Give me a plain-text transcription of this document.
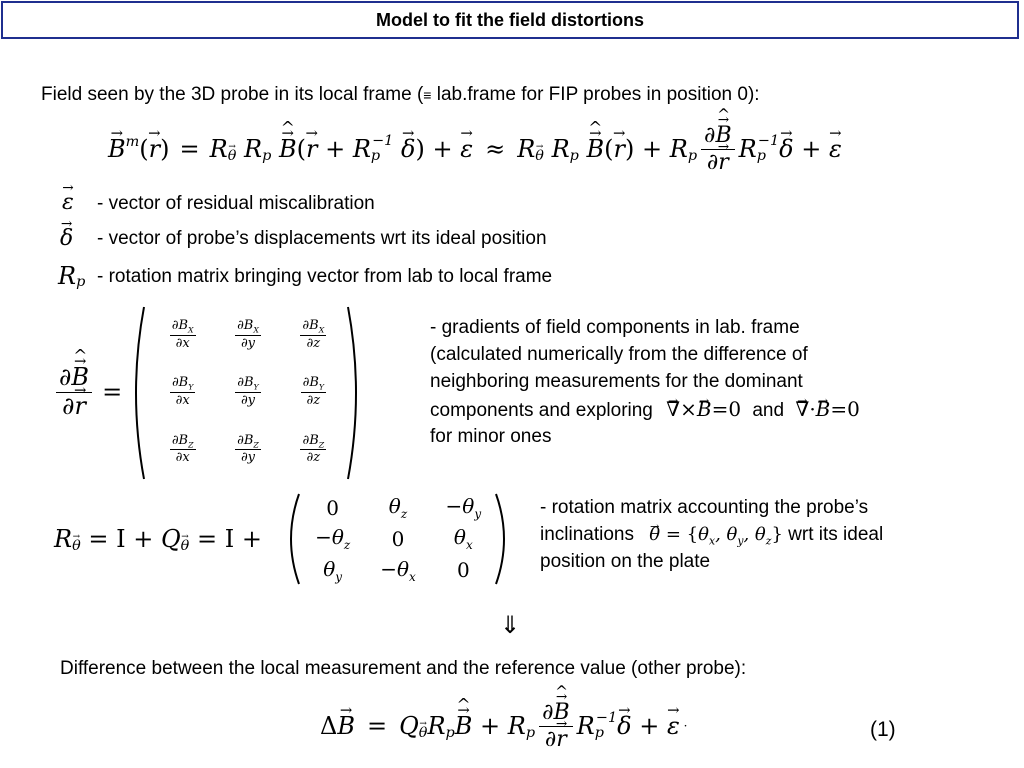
Model to fit the field distortions
Field seen by the 3D probe in its local frame (≡ lab.frame for FIP probes in position 0):
→ $B^m$ ( → r ) = R → $_\theta$ R p
→ B ^ ( → $r + R_p$
−1
→ δ ) + → ε ≈ R → $_\theta$ R p
→ B ^ ( → r ) + $R_p \frac{\partial\to B \^{}}{\partial\to r} R_p$
−1 → δ + → ε
→ ε - vector of residual miscalibration
→ δ - vector of probe’s displacements wrt its ideal position
R p - rotation matrix bringing vector from lab to local frame
$\frac{\partial\to B \^{}}{\partial\to r}$ =
$\frac{\partial B_X}{\partial x} \frac{\partial B_X}{\partial y} \frac{\partial B_X}{\partial z}$
$\frac{\partial B_Y}{\partial x} \frac{\partial B_Y}{\partial y} \frac{\partial B_Y}{\partial z}$
$\frac{\partial B_Z}{\partial x} \frac{\partial B_Z}{\partial y} \frac{\partial B_Z}{\partial z}$
- gradients of field components in lab. frame
(calculated numerically from the difference of
neighboring measurements for the dominant
components and exploring → ∇×→ B=0 and → ∇·→ B=0
for minor ones
R → θ = I + Q → $_\theta$ = I +
0	$\theta_z$	$-\theta_y$
$-\theta_z$	0	$\theta_x$
$\theta_y$	$-\theta_x$	0
- rotation matrix accounting the probe’s
inclinations → $\theta = \{\theta_x$, $\theta_y$, $\theta_z$} wrt its ideal
position on the plate
⇓
Difference between the local measurement and the reference value (other probe):
Δ → B = Q → $_\theta$ R p → B ^ + $R_p \frac{\partial\to B \^{}}{\partial\to r} R_p$
−1 → δ + → ε ·	(1)
